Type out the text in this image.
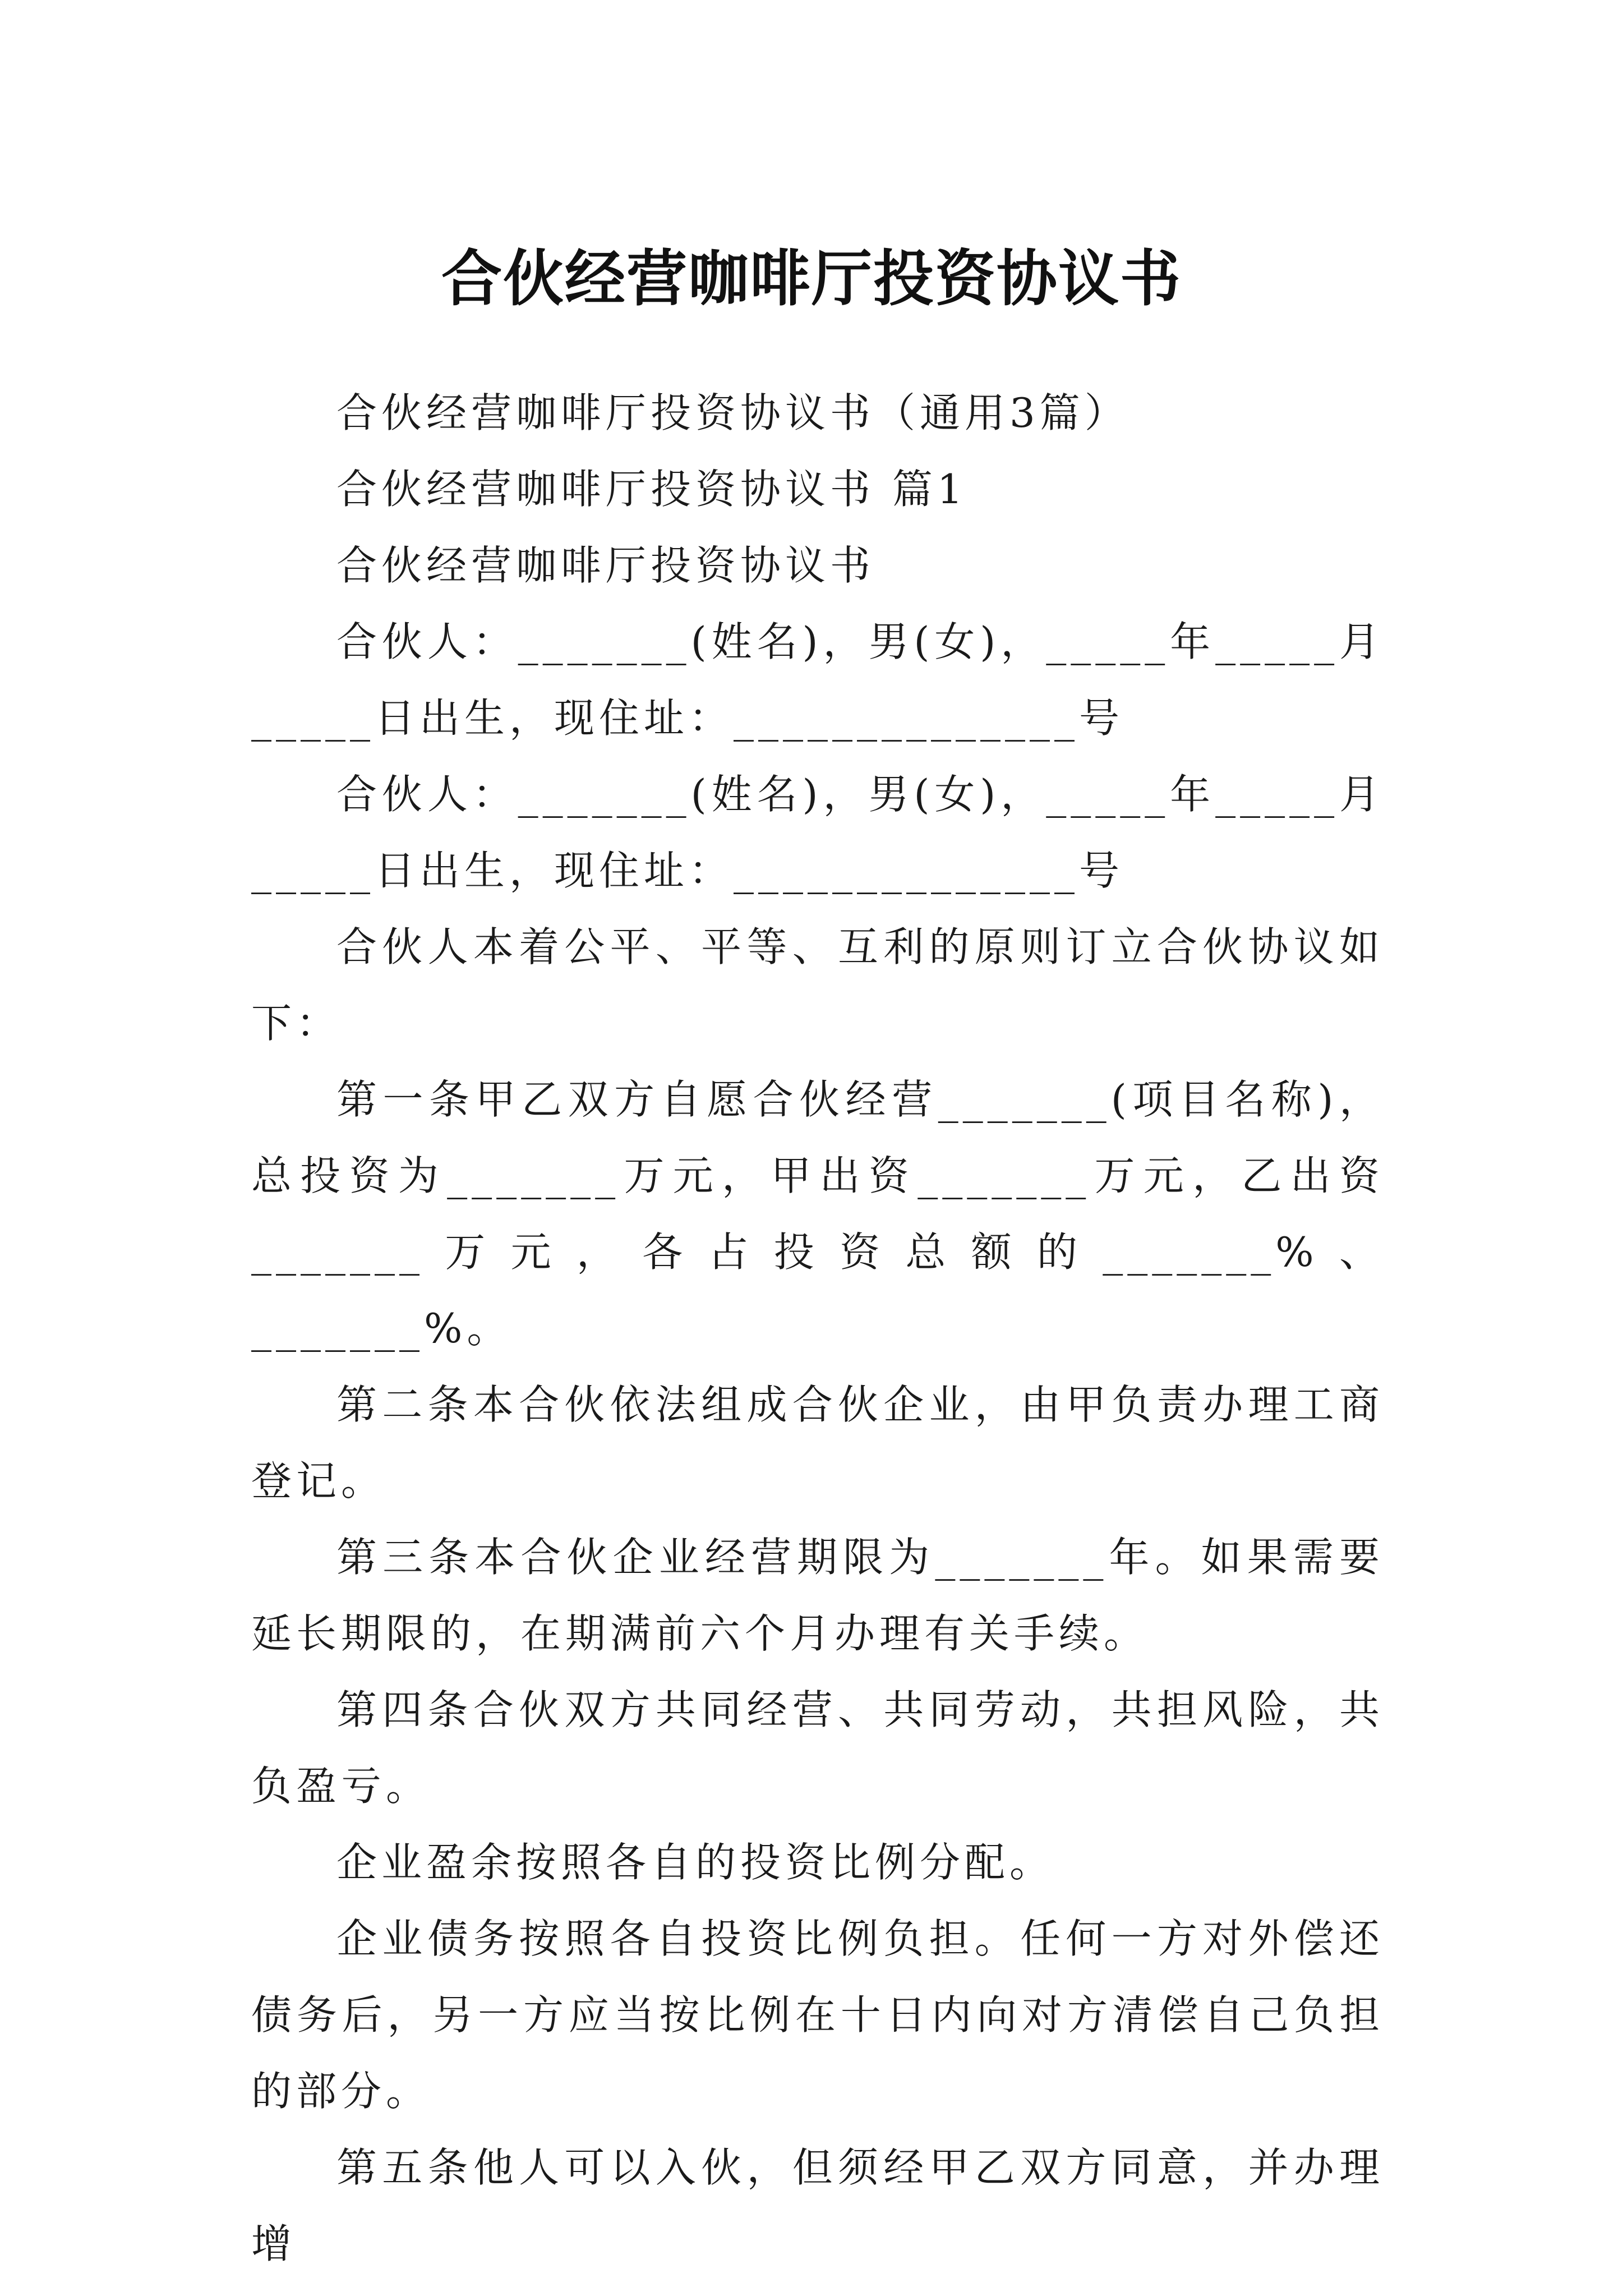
合伙经营咖啡厅投资协议书

合伙经营咖啡厅投资协议书（通用3篇）

合伙经营咖啡厅投资协议书 篇1

合伙经营咖啡厅投资协议书

合伙人：_______(姓名)，男(女)，_____年_____月_____日出生，现住址：______________号

合伙人：_______(姓名)，男(女)，_____年_____月_____日出生，现住址：______________号

合伙人本着公平、平等、互利的原则订立合伙协议如下：

第一条甲乙双方自愿合伙经营_______(项目名称)，总投资为_______万元，甲出资_______万元，乙出资_______万元，各占投资总额的_______%、_______%。

第二条本合伙依法组成合伙企业，由甲负责办理工商登记。

第三条本合伙企业经营期限为_______年。如果需要延长期限的，在期满前六个月办理有关手续。

第四条合伙双方共同经营、共同劳动，共担风险，共负盈亏。

企业盈余按照各自的投资比例分配。

企业债务按照各自投资比例负担。任何一方对外偿还债务后，另一方应当按比例在十日内向对方清偿自己负担的部分。

第五条他人可以入伙，但须经甲乙双方同意，并办理增
